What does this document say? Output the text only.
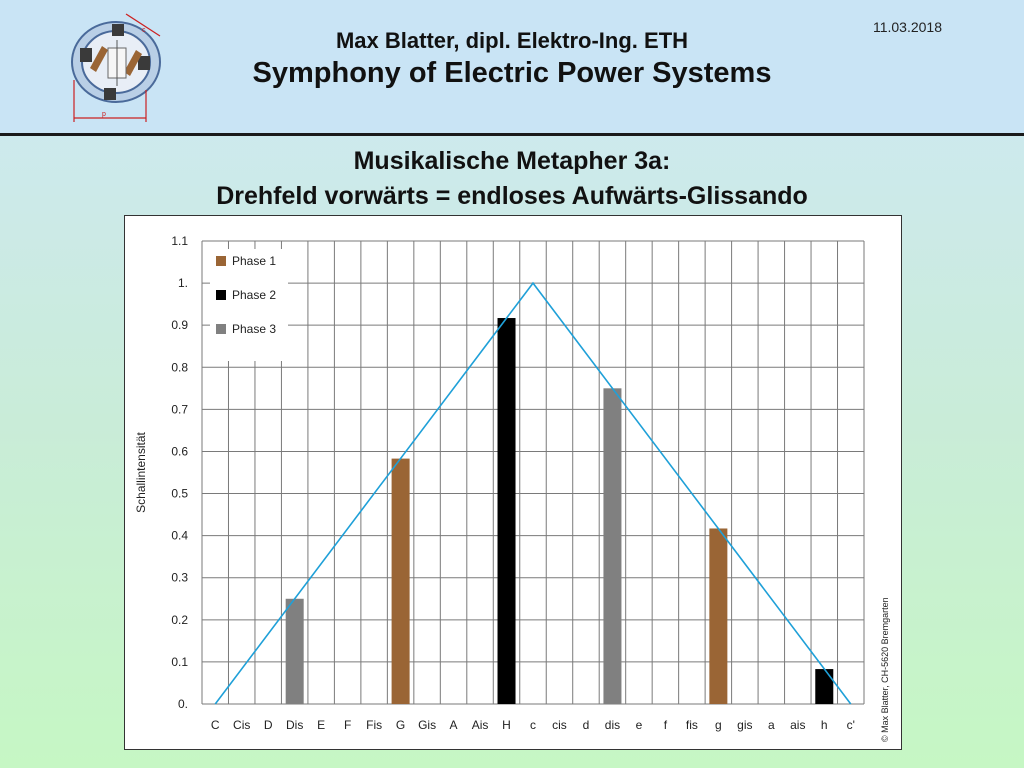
p
c	Max Blatter, dipl. Elektro-Ing. ETH
11.03.2018
Symphony of Electric Power Systems
Musikalische Metapher 3a:
Drehfeld vorwärts = endloses Aufwärts-Glissando
0.
0.1
0.2
0.3
0.4
0.5
0.6
0.7
0.8
0.9
1.
1.1
C Cis D Dis E F Fis G Gis A Ais H c cis d dis e f fis g gis a ais h c'
Schallintensität
Phase 1
Phase 2
Phase 3
© Max Blatter, CH-5620 Bremgarten
